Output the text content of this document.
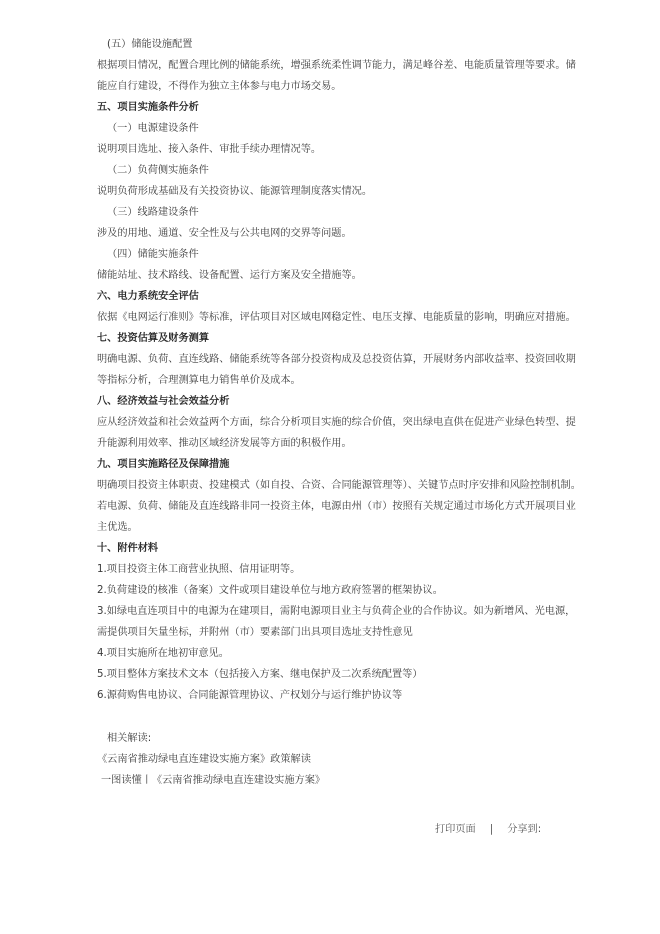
(五）储能设施配置
根据项目情况，配置合理比例的储能系统，增强系统柔性调节能力，满足峰谷差、电能质量管理等要求。储能应自行建设，不得作为独立主体参与电力市场交易。
五、项目实施条件分析
（一）电源建设条件
说明项目选址、接入条件、审批手续办理情况等。
（二）负荷侧实施条件
说明负荷形成基础及有关投资协议、能源管理制度落实情况。
（三）线路建设条件
涉及的用地、通道、安全性及与公共电网的交界等问题。
（四）储能实施条件
储能站址、技术路线、设备配置、运行方案及安全措施等。
六、电力系统安全评估
依据《电网运行准则》等标准，评估项目对区域电网稳定性、电压支撑、电能质量的影响，明确应对措施。
七、投资估算及财务测算
明确电源、负荷、直连线路、储能系统等各部分投资构成及总投资估算，开展财务内部收益率、投资回收期等指标分析，合理测算电力销售单价及成本。
八、经济效益与社会效益分析
应从经济效益和社会效益两个方面，综合分析项目实施的综合价值，突出绿电直供在促进产业绿色转型、提升能源利用效率、推动区域经济发展等方面的积极作用。
九、项目实施路径及保障措施
明确项目投资主体职责、投建模式（如自投、合资、合同能源管理等）、关键节点时序安排和风险控制机制。若电源、负荷、储能及直连线路非同一投资主体，电源由州（市）按照有关规定通过市场化方式开展项目业主优选。
十、附件材料
1.项目投资主体工商营业执照、信用证明等。
2.负荷建设的核准（备案）文件或项目建设单位与地方政府签署的框架协议。
3.如绿电直连项目中的电源为在建项目，需附电源项目业主与负荷企业的合作协议。如为新增风、光电源，需提供项目矢量坐标，并附州（市）要素部门出具项目选址支持性意见
4.项目实施所在地初审意见。
5.项目整体方案技术文本（包括接入方案、继电保护及二次系统配置等）
6.源荷购售电协议、合同能源管理协议、产权划分与运行维护协议等
相关解读:
《云南省推动绿电直连建设实施方案》政策解读
一图读懂丨《云南省推动绿电直连建设实施方案》
打印页面 | 分享到:
